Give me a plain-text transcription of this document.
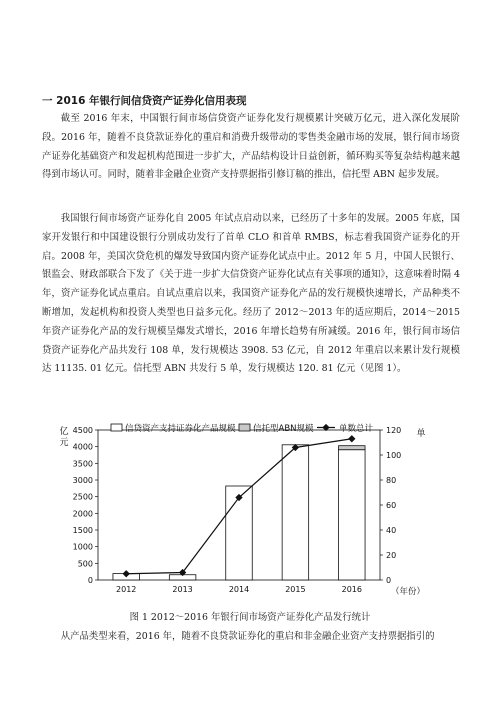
一 2016 年银行间信贷资产证券化信用表现

截至 2016 年末，中国银行间市场信贷资产证券化发行规模累计突破万亿元，进入深化发展阶段。2016 年，随着不良贷款证券化的重启和消费升级带动的零售类金融市场的发展，银行间市场资产证券化基础资产和发起机构范围进一步扩大，产品结构设计日益创新，循环购买等复杂结构越来越得到市场认可。同时，随着非金融企业资产支持票据指引修订稿的推出，信托型 ABN 起步发展。

我国银行间市场资产证券化自 2005 年试点启动以来，已经历了十多年的发展。2005 年底，国家开发银行和中国建设银行分别成功发行了首单 CLO 和首单 RMBS，标志着我国资产证券化的开启。2008 年，美国次贷危机的爆发导致国内资产证券化试点中止。2012 年 5 月，中国人民银行、银监会、财政部联合下发了《关于进一步扩大信贷资产证券化试点有关事项的通知》，这意味着时隔 4 年，资产证券化试点重启。自试点重启以来，我国资产证券化产品的发行规模快速增长，产品种类不断增加，发起机构和投资人类型也日益多元化。经历了 2012～2013 年的适应期后，2014～2015 年资产证券化产品的发行规模呈爆发式增长，2016 年增长趋势有所减缓。2016 年，银行间市场信贷资产证券化产品共发行 108 单，发行规模达 3908. 53 亿元，自 2012 年重启以来累计发行规模达 11135. 01 亿元。信托型 ABN 共发行 5 单，发行规模达 120. 81 亿元（见图 1）。

0
500
1000
1500
2000
2500
3000
3500
4000
4500
0
20
40
60
80
100
120
2012	2013	2014	2015	2016
信贷资产支持证券化产品规模 信托型ABN规模	单数总计
亿元
单
（年份）
图 1 2012～2016 年银行间市场资产证券化产品发行统计

从产品类型来看，2016 年，随着不良贷款证券化的重启和非金融企业资产支持票据指引的
